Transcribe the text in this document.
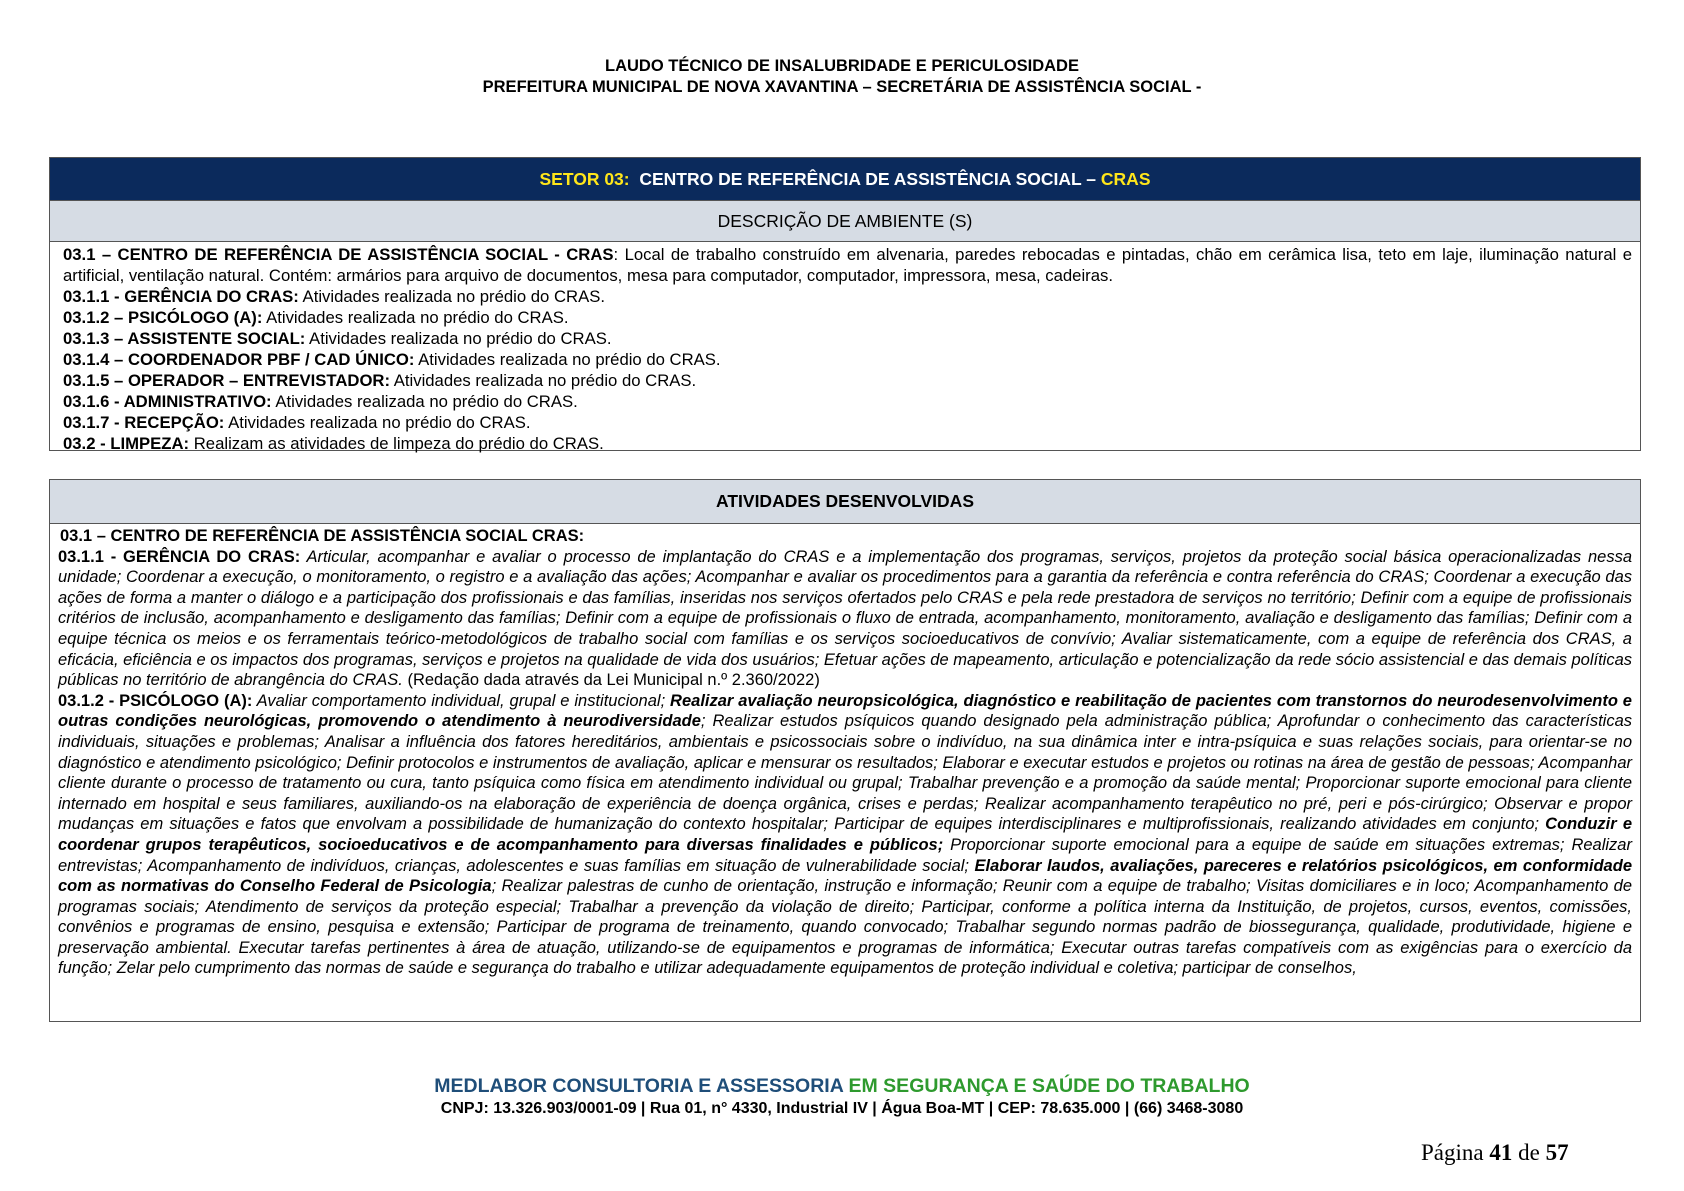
LAUDO TÉCNICO DE INSALUBRIDADE E PERICULOSIDADE
PREFEITURA MUNICIPAL DE NOVA XAVANTINA – SECRETÁRIA DE ASSISTÊNCIA SOCIAL -
SETOR 03: CENTRO DE REFERÊNCIA DE ASSISTÊNCIA SOCIAL – CRAS
DESCRIÇÃO DE AMBIENTE (S)

03.1 – CENTRO DE REFERÊNCIA DE ASSISTÊNCIA SOCIAL - CRAS: Local de trabalho construído em alvenaria, paredes rebocadas e pintadas, chão em cerâmica lisa, teto em laje, iluminação natural e artificial, ventilação natural. Contém: armários para arquivo de documentos, mesa para computador, computador, impressora, mesa, cadeiras.

03.1.1 - GERÊNCIA DO CRAS: Atividades realizada no prédio do CRAS.

03.1.2 – PSICÓLOGO (A): Atividades realizada no prédio do CRAS.

03.1.3 – ASSISTENTE SOCIAL: Atividades realizada no prédio do CRAS.

03.1.4 – COORDENADOR PBF / CAD ÚNICO: Atividades realizada no prédio do CRAS.

03.1.5 – OPERADOR – ENTREVISTADOR: Atividades realizada no prédio do CRAS.

03.1.6 - ADMINISTRATIVO: Atividades realizada no prédio do CRAS.

03.1.7 - RECEPÇÃO: Atividades realizada no prédio do CRAS.

03.2 - LIMPEZA: Realizam as atividades de limpeza do prédio do CRAS.

ATIVIDADES DESENVOLVIDAS

03.1 – CENTRO DE REFERÊNCIA DE ASSISTÊNCIA SOCIAL CRAS:

03.1.1 - GERÊNCIA DO CRAS: Articular, acompanhar e avaliar o processo de implantação do CRAS e a implementação dos programas, serviços, projetos da proteção social básica operacionalizadas nessa unidade; Coordenar a execução, o monitoramento, o registro e a avaliação das ações; Acompanhar e avaliar os procedimentos para a garantia da referência e contra referência do CRAS; Coordenar a execução das ações de forma a manter o diálogo e a participação dos profissionais e das famílias, inseridas nos serviços ofertados pelo CRAS e pela rede prestadora de serviços no território; Definir com a equipe de profissionais critérios de inclusão, acompanhamento e desligamento das famílias; Definir com a equipe de profissionais o fluxo de entrada, acompanhamento, monitoramento, avaliação e desligamento das famílias; Definir com a equipe técnica os meios e os ferramentais teórico-metodológicos de trabalho social com famílias e os serviços socioeducativos de convívio; Avaliar sistematicamente, com a equipe de referência dos CRAS, a eficácia, eficiência e os impactos dos programas, serviços e projetos na qualidade de vida dos usuários; Efetuar ações de mapeamento, articulação e potencialização da rede sócio assistencial e das demais políticas públicas no território de abrangência do CRAS. (Redação dada através da Lei Municipal n.º 2.360/2022)

03.1.2 - PSICÓLOGO (A): Avaliar comportamento individual, grupal e institucional; Realizar avaliação neuropsicológica, diagnóstico e reabilitação de pacientes com transtornos do neurodesenvolvimento e outras condições neurológicas, promovendo o atendimento à neurodiversidade; Realizar estudos psíquicos quando designado pela administração pública; Aprofundar o conhecimento das características individuais, situações e problemas; Analisar a influência dos fatores hereditários, ambientais e psicossociais sobre o indivíduo, na sua dinâmica inter e intra-psíquica e suas relações sociais, para orientar-se no diagnóstico e atendimento psicológico; Definir protocolos e instrumentos de avaliação, aplicar e mensurar os resultados; Elaborar e executar estudos e projetos ou rotinas na área de gestão de pessoas; Acompanhar cliente durante o processo de tratamento ou cura, tanto psíquica como física em atendimento individual ou grupal; Trabalhar prevenção e a promoção da saúde mental; Proporcionar suporte emocional para cliente internado em hospital e seus familiares, auxiliando-os na elaboração de experiência de doença orgânica, crises e perdas; Realizar acompanhamento terapêutico no pré, peri e pós-cirúrgico; Observar e propor mudanças em situações e fatos que envolvam a possibilidade de humanização do contexto hospitalar; Participar de equipes interdisciplinares e multiprofissionais, realizando atividades em conjunto; Conduzir e coordenar grupos terapêuticos, socioeducativos e de acompanhamento para diversas finalidades e públicos; Proporcionar suporte emocional para a equipe de saúde em situações extremas; Realizar entrevistas; Acompanhamento de indivíduos, crianças, adolescentes e suas famílias em situação de vulnerabilidade social; Elaborar laudos, avaliações, pareceres e relatórios psicológicos, em conformidade com as normativas do Conselho Federal de Psicologia; Realizar palestras de cunho de orientação, instrução e informação; Reunir com a equipe de trabalho; Visitas domiciliares e in loco; Acompanhamento de programas sociais; Atendimento de serviços da proteção especial; Trabalhar a prevenção da violação de direito; Participar, conforme a política interna da Instituição, de projetos, cursos, eventos, comissões, convênios e programas de ensino, pesquisa e extensão; Participar de programa de treinamento, quando convocado; Trabalhar segundo normas padrão de biossegurança, qualidade, produtividade, higiene e preservação ambiental. Executar tarefas pertinentes à área de atuação, utilizando-se de equipamentos e programas de informática; Executar outras tarefas compatíveis com as exigências para o exercício da função; Zelar pelo cumprimento das normas de saúde e segurança do trabalho e utilizar adequadamente equipamentos de proteção individual e coletiva; participar de conselhos,

MEDLABOR CONSULTORIA E ASSESSORIA EM SEGURANÇA E SAÚDE DO TRABALHO
CNPJ: 13.326.903/0001-09 | Rua 01, n° 4330, Industrial IV | Água Boa-MT | CEP: 78.635.000 | (66) 3468-3080
Página 41 de 57
